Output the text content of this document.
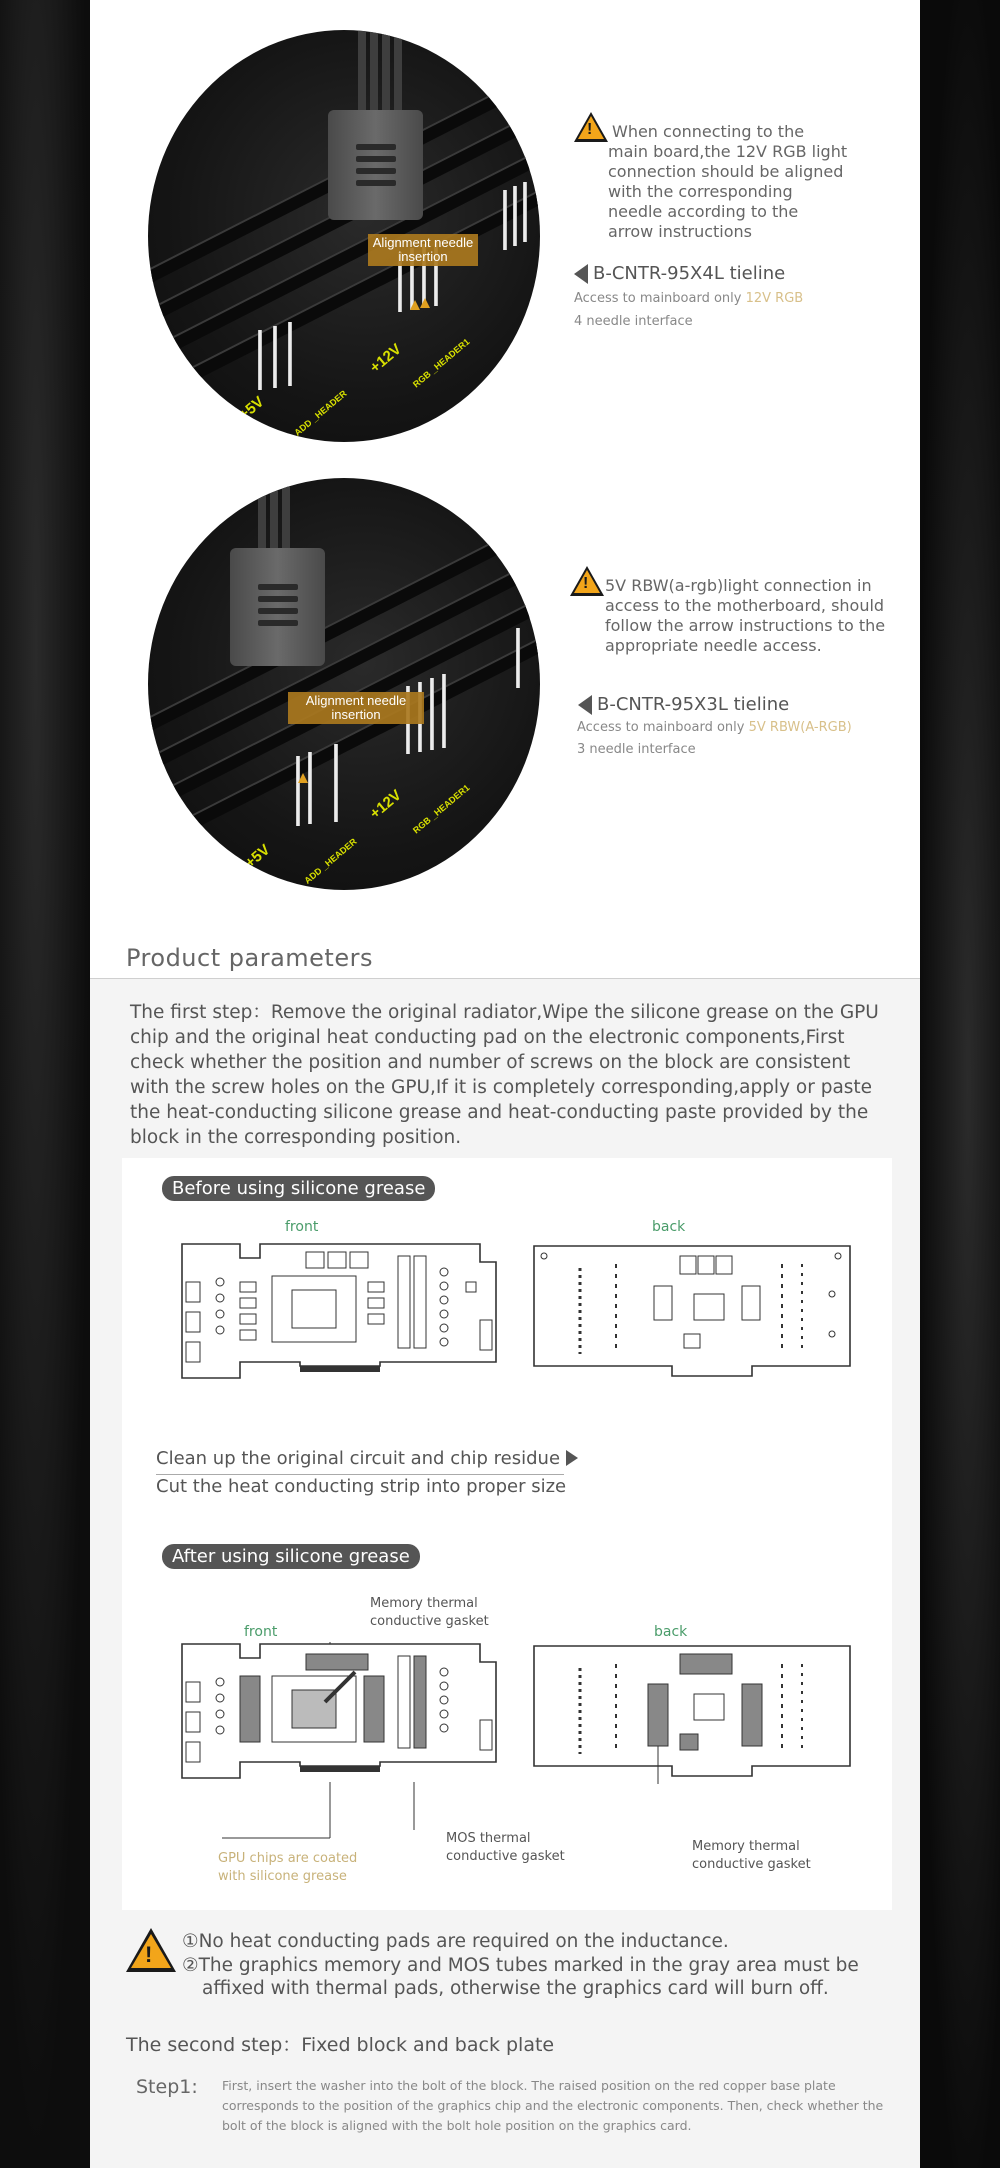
+12V RGB _HEADER1
+5V	ADD _HEADER
Alignment needle insertion
! When connecting to the main board,the 12V RGB light connection should be aligned with the corresponding needle according to the arrow instructions
B-CNTR-95X4L tieline
Access to mainboard only 12V RGB
4 needle interface
+12V RGB _HEADER1
+5V	ADD _HEADER
Alignment needle insertion
! 5V RBW(a-rgb)light connection in access to the motherboard, should follow the arrow instructions to the appropriate needle access.
B-CNTR-95X3L tieline
Access to mainboard only 5V RBW(A-RGB)
3 needle interface
Product parameters
The first step：Remove the original radiator,Wipe the silicone grease on the GPU chip and the original heat conducting pad on the electronic components,First check whether the position and number of screws on the block are consistent with the screw holes on the GPU,If it is completely corresponding,apply or paste the heat-conducting silicone grease and heat-conducting paste provided by the block in the corresponding position.
Before using silicone grease
front	back
Clean up the original circuit and chip residue
Cut the heat conducting strip into proper size
After using silicone grease
Memory thermal conductive gasket
front	back
GPU chips are coated with silicone grease
MOS thermal conductive gasket
Memory thermal conductive gasket
!
①No heat conducting pads are required on the inductance.
②The graphics memory and MOS tubes marked in the gray area must be affixed with thermal pads, otherwise the graphics card will burn off.
The second step：Fixed block and back plate
Step1: First, insert the washer into the bolt of the block. The raised position on the red copper base plate corresponds to the position of the graphics chip and the electronic components. Then, check whether the bolt of the block is aligned with the bolt hole position on the graphics card.
